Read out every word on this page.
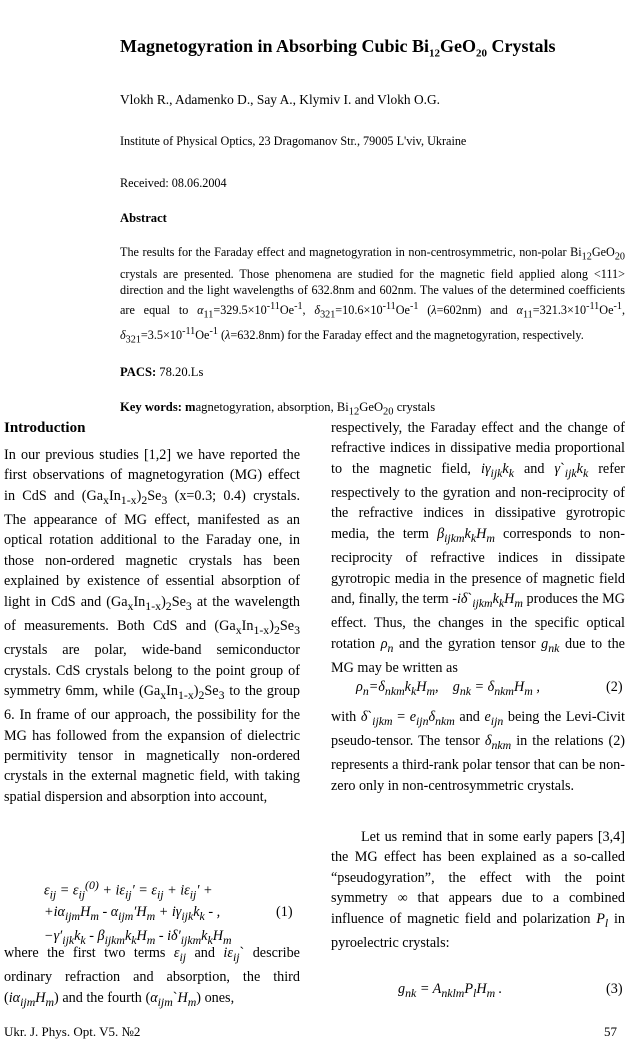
Magnetogyration in Absorbing Cubic $Bi_{12}GeO_{20}$ Crystals
Vlokh R., Adamenko D., Say A., Klymiv I. and Vlokh O.G.
Institute of Physical Optics, 23 Dragomanov Str., 79005 L'viv, Ukraine
Received: 08.06.2004
Abstract
The results for the Faraday effect and magnetogyration in non-centrosymmetric, non-polar $Bi_{12}GeO_{20}$ crystals are presented. Those phenomena are studied for the magnetic field applied along <111> direction and the light wavelengths of 632.8nm and 602nm. The values of the determined coefficients are equal to $\alpha_{11}=329.5\times 10^{-11}Oe^{-1}$, $\delta_{321}=10.6\times 10^{-11}Oe^{-1}$ (λ=602nm) and $\alpha_{11}=321.3\times 10^{-11}Oe^{-1}$, $\delta_{321}=3.5\times 10^{-11}Oe^{-1}$ (λ=632.8nm) for the Faraday effect and the magnetogyration, respectively.
PACS: 78.20.Ls
Key words: magnetogyration, absorption, $Bi_{12}GeO_{20}$ crystals
Introduction
In our previous studies [1,2] we have reported the first observations of magnetogyration (MG) effect in CdS and $(Ga_xIn_{1-x})_2Se_3$ (x=0.3; 0.4) crystals. The appearance of MG effect, manifested as an optical rotation additional to the Faraday one, in those non-ordered magnetic crystals has been explained by existence of essential absorption of light in CdS and $(Ga_xIn_{1-x})_2Se_3$ at the wavelength of measurements. Both CdS and $(Ga_xIn_{1-x})_2Se_3$ crystals are polar, wide-band semiconductor crystals. CdS crystals belong to the point group of symmetry 6mm, while $(Ga_xIn_{1-x})_2Se_3$ to the group 6. In frame of our approach, the possibility for the MG has followed from the expansion of dielectric permitivity tensor in magnetically non-ordered crystals in the external magnetic field, with taking spatial dispersion and absorption into account,
$\varepsilon_{ij} = \varepsilon_{ij}^{(0)} + i\varepsilon_{ij}' = \varepsilon_{ij} + i\varepsilon_{ij}'$ +
$+i\alpha_{ijm}H_m - \alpha_{ijm}'H_m + i\gamma_{ijk}k_k$ - ,
$-\gamma'_{ijk}k_k - \beta_{ijkm}k_kH_m - i\delta'_{ijkm}k_kH_m$
(1)
where the first two terms $\varepsilon_{ij}$ and $i\varepsilon_{ij}`$ describe ordinary refraction and absorption, the third $(i\alpha_{ijm}H_m)$ and the fourth $(\alpha_{ijm}`H_m)$ ones,
respectively, the Faraday effect and the change of refractive indices in dissipative media proportional to the magnetic field, $i\gamma_{ijk}k_k$ and $\gamma`_{ijk}k_k$ refer respectively to the gyration and non-reciprocity of the refractive indices in dissipative gyrotropic media, the term $\beta_{ijkm}k_kH_m$ corresponds to non-reciprocity of refractive indices in dissipate gyrotropic media in the presence of magnetic field and, finally, the term $-i\delta`_{ijkm}k_kH_m$ produces the MG effect. Thus, the changes in the specific optical rotation $\rho_n$ and the gyration tensor $g_{nk}$ due to the MG may be written as
$\rho_n=\delta_{nkm}k_kH_m$,    $g_{nk} = \delta_{nkm}H_m$ ,	(2)
with $\delta`_{ijkm} = e_{ijn}\delta_{nkm}$ and $e_{ijn}$ being the Levi-Civit pseudo-tensor. The tensor $\delta_{nkm}$ in the relations (2) represents a third-rank polar tensor that can be non-zero only in non-centrosymmetric crystals.

Let us remind that in some early papers [3,4] the MG effect has been explained as a so-called “pseudogyration”, the effect with the point symmetry ∞ that appears due to a combined influence of magnetic field and polarization $P_l$ in pyroelectric crystals:

$g_{nk} = A_{nklm}P_lH_m$ .	(3)
Ukr. J. Phys. Opt. V5. №2	57
